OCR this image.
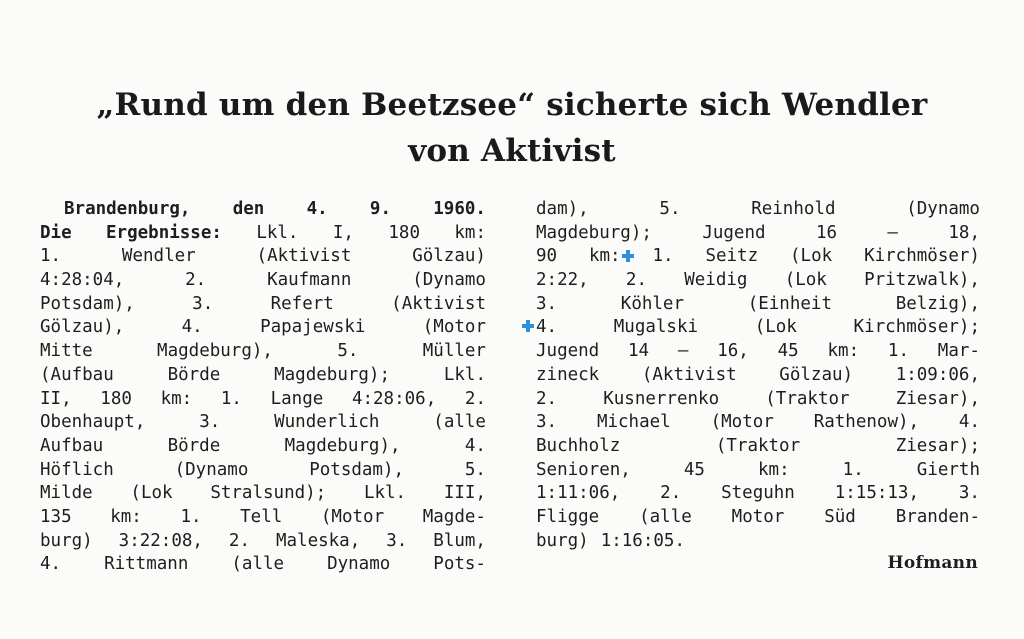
„Rund um den Beetzsee“ sicherte sich Wendler
von Aktivist
Brandenburg, den 4. 9. 1960.
Die Ergebnisse: Lkl. I, 180 km:
1.	Wendler	(Aktivist	Gölzau)
4:28:04,	2.	Kaufmann	(Dynamo
Potsdam),	3.	Refert	(Aktivist
Gölzau),	4.	Papajewski	(Motor
Mitte	Magdeburg),	5.	Müller
(Aufbau	Börde	Magdeburg);	Lkl.
II, 180 km: 1. Lange 4:28:06, 2.
Obenhaupt,	3.	Wunderlich	(alle
Aufbau	Börde	Magdeburg),	4.
Höflich	(Dynamo	Potsdam),	5.
Milde (Lok Stralsund); Lkl. III,
135 km: 1. Tell (Motor Magde-
burg) 3:22:08, 2. Maleska, 3. Blum,
4. Rittmann (alle Dynamo Pots-
dam),	5.	Reinhold	(Dynamo
Magdeburg);	Jugend	16	–	18,
90 km: 1. Seitz (Lok Kirchmöser)
2:22, 2. Weidig (Lok Pritzwalk),
3.	Köhler	(Einheit	Belzig),
4.	Mugalski	(Lok	Kirchmöser);
Jugend 14 – 16, 45 km: 1. Mar-
zineck (Aktivist Gölzau) 1:09:06,
2.	Kusnerrenko	(Traktor	Ziesar),
3. Michael (Motor Rathenow), 4.
Buchholz	(Traktor	Ziesar);
Senioren,	45	km:	1.	Gierth
1:11:06, 2. Steguhn 1:15:13, 3.
Fligge (alle Motor Süd Branden-
burg) 1:16:05.
Hofmann
